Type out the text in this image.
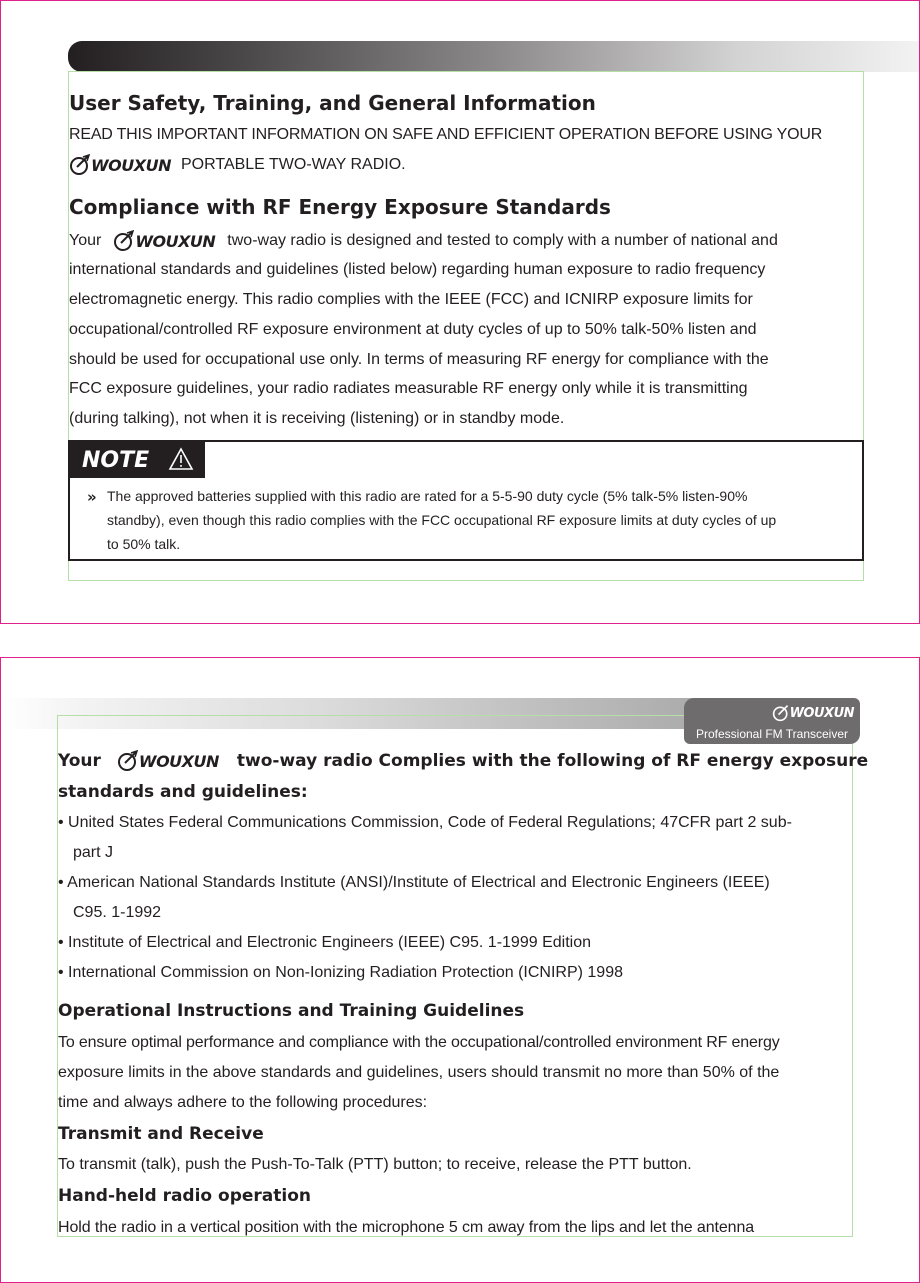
User Safety, Training, and General Information
READ THIS IMPORTANT INFORMATION ON SAFE AND EFFICIENT OPERATION BEFORE USING YOUR
WOUXUN PORTABLE TWO-WAY RADIO.
Compliance with RF Energy Exposure Standards
Your WOUXUN two-way radio is designed and tested to comply with a number of national and
international standards and guidelines (listed below) regarding human exposure to radio frequency
electromagnetic energy. This radio complies with the IEEE (FCC) and ICNIRP exposure limits for
occupational/controlled RF exposure environment at duty cycles of up to 50% talk-50% listen and
should be used for occupational use only. In terms of measuring RF energy for compliance with the
FCC exposure guidelines, your radio radiates measurable RF energy only while it is transmitting
(during talking), not when it is receiving (listening) or in standby mode.
NOTE
» The approved batteries supplied with this radio are rated for a 5-5-90 duty cycle (5% talk-5% listen-90%
standby), even though this radio complies with the FCC occupational RF exposure limits at duty cycles of up
to 50% talk.
WOUXUN
Professional FM Transceiver
Your WOUXUN two-way radio Complies with the following of RF energy exposure
standards and guidelines:
• United States Federal Communications Commission, Code of Federal Regulations; 47CFR part 2 sub-
part J
• American National Standards Institute (ANSI)/Institute of Electrical and Electronic Engineers (IEEE)
C95. 1-1992
• Institute of Electrical and Electronic Engineers (IEEE) C95. 1-1999 Edition
• International Commission on Non-Ionizing Radiation Protection (ICNIRP) 1998
Operational Instructions and Training Guidelines
To ensure optimal performance and compliance with the occupational/controlled environment RF energy
exposure limits in the above standards and guidelines, users should transmit no more than 50% of the
time and always adhere to the following procedures:
Transmit and Receive
To transmit (talk), push the Push-To-Talk (PTT) button; to receive, release the PTT button.
Hand-held radio operation
Hold the radio in a vertical position with the microphone 5 cm away from the lips and let the antenna
